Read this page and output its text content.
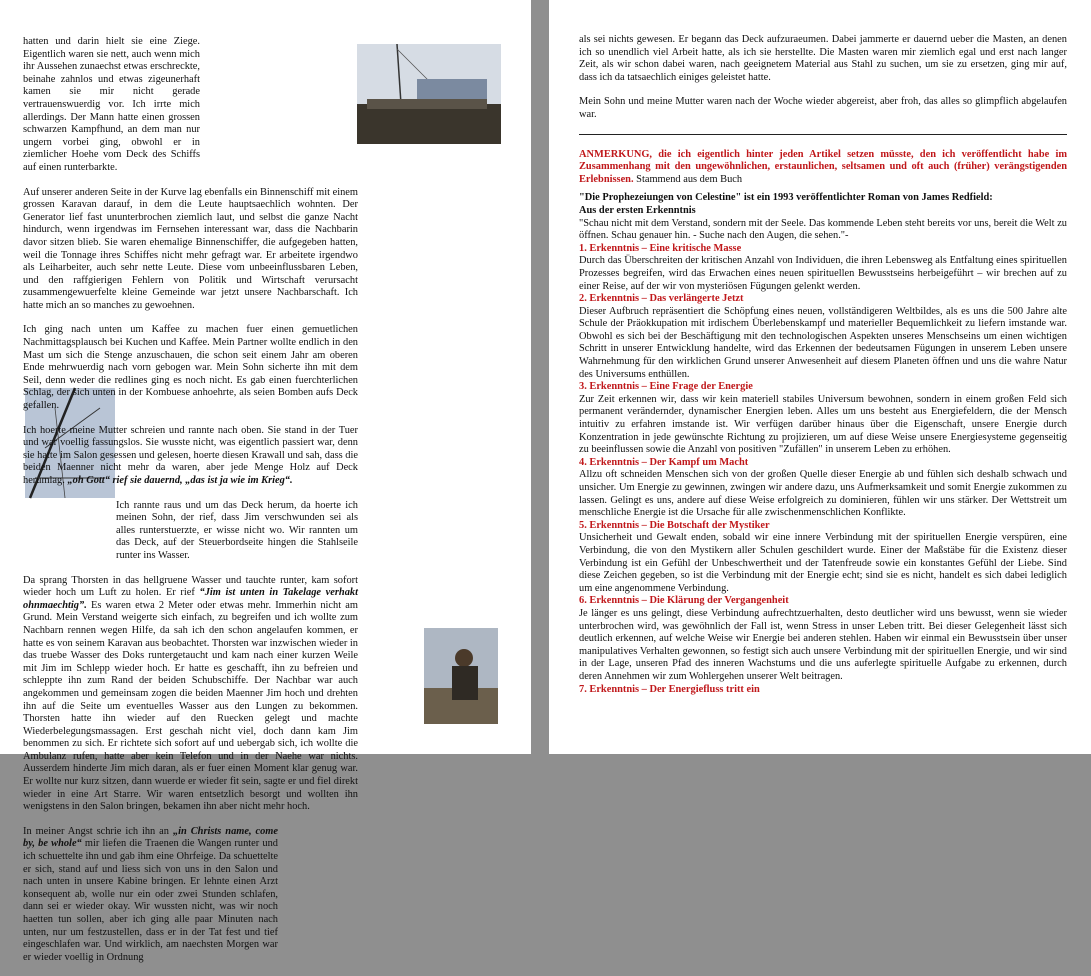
hatten und darin hielt sie eine Ziege. Eigentlich waren sie nett, auch wenn mich ihr Aussehen zunaechst etwas erschreckte, beinahe zahnlos und etwas zigeunerhaft kamen sie mir nicht gerade vertrauenswuerdig vor. Ich irrte mich allerdings. Der Mann hatte einen grossen schwarzen Kampfhund, an dem man nur ungern vorbei ging, obwohl er in ziemlicher Hoehe vom Deck des Schiffs auf einen runterbarkte.

Auf unserer anderen Seite in der Kurve lag ebenfalls ein Binnenschiff mit einem grossen Karavan darauf, in dem die Leute hauptsaechlich wohnten. Der Generator lief fast ununterbrochen ziemlich laut, und selbst die ganze Nacht hindurch, wenn irgendwas im Fernsehen interessant war, dass die Nachbarin davor sitzen blieb. Sie waren ehemalige Binnenschiffer, die aufgegeben hatten, weil die Tonnage ihres Schiffes nicht mehr gefragt war. Er arbeitete irgendwo als Leiharbeiter, auch sehr nette Leute. Diese vom unbeeinflussbaren Leben, und den raffgierigen Fehlern von Politik und Wirtschaft verursacht zusammengewuerfelte kleine Gemeinde war jetzt unsere Nachbarschaft. Ich hatte mich an so manches zu gewoehnen.

Ich ging nach unten um Kaffee zu machen fuer einen gemuetlichen Nachmittagsplausch bei Kuchen und Kaffee. Mein Partner wollte endlich in den Mast um sich die Stenge anzuschauen, die schon seit einem Jahr am oberen Ende mehrwuerdig nach vorn gebogen war. Mein Sohn sicherte ihn mit dem Seil, denn weder die redlines ging es noch nicht. Es gab einen fuerchterlichen Schlag, der sich unten in der Kombuese anhoehrte, als seien Bomben aufs Deck gefallen.

Ich hoerte meine Mutter schreien und rannte nach oben. Sie stand in der Tuer und war voellig fassungslos. Sie wusste nicht, was eigentlich passiert war, denn sie hatte im Salon gesessen und gelesen, hoerte diesen Krawall und sah, dass die beiden Maenner nicht mehr da waren, aber jede Menge Holz auf Deck herumlag. „oh Gott“ rief sie dauernd, „das ist ja wie im Krieg“.

Ich rannte raus und um das Deck herum, da hoerte ich meinen Sohn, der rief, dass Jim verschwunden sei als alles runterstuerzte, er wisse nicht wo. Wir rannten um das Deck, auf der Steuerbordseite hingen die Stahlseile runter ins Wasser.

Da sprang Thorsten in das hellgruene Wasser und tauchte runter, kam sofort wieder hoch um Luft zu holen. Er rief “Jim ist unten in Takelage verhakt ohnmaechtig”. Es waren etwa 2 Meter oder etwas mehr. Immerhin nicht am Grund. Mein Verstand weigerte sich einfach, zu begreifen und ich wollte zum Nachbarn rennen wegen Hilfe, da sah ich den schon angelaufen kommen, er hatte es von seinem Karavan aus beobachtet. Thorsten war inzwischen wieder in das truebe Wasser des Doks runtergetaucht und kam nach einer kurzen Weile mit Jim im Schlepp wieder hoch. Er hatte es geschafft, ihn zu befreien und schleppte ihn zum Rand der beiden Schubschiffe. Der Nachbar war auch angekommen und gemeinsam zogen die beiden Maenner Jim hoch und drehten ihn auf die Seite um eventuelles Wasser aus den Lungen zu bekommen. Thorsten hatte ihn wieder auf den Ruecken gelegt und machte Wiederbelegungsmassagen. Erst geschah nicht viel, doch dann kam Jim benommen zu sich. Er richtete sich sofort auf und uebergab sich, ich wollte die Ambulanz rufen, hatte aber kein Telefon und in der Naehe war nichts. Ausserdem hinderte Jim mich daran, als er fuer einen Moment klar genug war. Er wollte nur kurz sitzen, dann wuerde er wieder fit sein, sagte er und fiel direkt wieder in eine Art Starre. Wir waren entsetzlich besorgt und wollten ihn wenigstens in den Salon bringen, bekamen ihn aber nicht mehr hoch.

In meiner Angst schrie ich ihn an „in Christs name, come by, be whole“ mir liefen die Traenen die Wangen runter und ich schuettelte ihn und gab ihm eine Ohrfeige. Da schuettelte er sich, stand auf und liess sich von uns in den Salon und nach unten in unsere Kabine bringen. Er lehnte einen Arzt konsequent ab, wolle nur ein oder zwei Stunden schlafen, dann sei er wieder okay. Wir wussten nicht, was wir noch haetten tun sollen, aber ich ging alle paar Minuten nach unten, nur um festzustellen, dass er in der Tat fest und tief eingeschlafen war. Und wirklich, am naechsten Morgen war er wieder voellig in Ordnung

als sei nichts gewesen. Er begann das Deck aufzuraeumen. Dabei jammerte er dauernd ueber die Masten, an denen ich so unendlich viel Arbeit hatte, als ich sie herstellte. Die Masten waren mir ziemlich egal und erst nach langer Zeit, als wir schon dabei waren, nach geeignetem Material aus Stahl zu suchen, um sie zu ersetzen, ging mir auf, dass ich da tatsaechlich einiges geleistet hatte.

Mein Sohn und meine Mutter waren nach der Woche wieder abgereist, aber froh, das alles so glimpflich abgelaufen war.

ANMERKUNG, die ich eigentlich hinter jeden Artikel setzen müsste, den ich veröffentlicht habe im Zusammenhang mit den ungewöhnlichen, erstaunlichen, seltsamen und oft auch (früher) verängstigenden Erlebnissen. Stammend aus dem Buch

"Die Prophezeiungen von Celestine" ist ein 1993 veröffentlichter Roman von James Redfield:

Aus der ersten Erkenntnis

"Schau nicht mit dem Verstand, sondern mit der Seele. Das kommende Leben steht bereits vor uns, bereit die Welt zu öffnen. Schau genauer hin. - Suche nach den Augen, die sehen."-

1. Erkenntnis – Eine kritische Masse

Durch das Überschreiten der kritischen Anzahl von Individuen, die ihren Lebensweg als Entfaltung eines spirituellen Prozesses begreifen, wird das Erwachen eines neuen spirituellen Bewusstseins herbeigeführt – wir brechen auf zu einer Reise, auf der wir von mysteriösen Fügungen gelenkt werden.

2. Erkenntnis – Das verlängerte Jetzt

Dieser Aufbruch repräsentiert die Schöpfung eines neuen, vollständigeren Weltbildes, als es uns die 500 Jahre alte Schule der Präokkupation mit irdischem Überlebenskampf und materieller Bequemlichkeit zu liefern imstande war. Obwohl es sich bei der Beschäftigung mit den technologischen Aspekten unseres Menschseins um einen wichtigen Schritt in unserer Entwicklung handelte, wird das Erkennen der bedeutsamen Fügungen in unserem Leben unsere Wahrnehmung für den wirklichen Grund unserer Anwesenheit auf diesem Planeten öffnen und uns die wahre Natur des Universums enthüllen.

3. Erkenntnis – Eine Frage der Energie

Zur Zeit erkennen wir, dass wir kein materiell stabiles Universum bewohnen, sondern in einem großen Feld sich permanent verändernder, dynamischer Energien leben. Alles um uns besteht aus Energiefeldern, die der Mensch intuitiv zu erfahren imstande ist. Wir verfügen darüber hinaus über die Eigenschaft, unsere Energie durch Konzentration in jede gewünschte Richtung zu projizieren, um auf diese Weise unsere Energiesysteme gegenseitig zu beeinflussen sowie die Anzahl von positiven "Zufällen" in unserem Leben zu erhöhen.

4. Erkenntnis – Der Kampf um Macht

Allzu oft schneiden Menschen sich von der großen Quelle dieser Energie ab und fühlen sich deshalb schwach und unsicher. Um Energie zu gewinnen, zwingen wir andere dazu, uns Aufmerksamkeit und somit Energie zukommen zu lassen. Gelingt es uns, andere auf diese Weise erfolgreich zu dominieren, fühlen wir uns stärker. Der Wettstreit um menschliche Energie ist die Ursache für alle zwischenmenschlichen Konflikte.

5. Erkenntnis – Die Botschaft der Mystiker

Unsicherheit und Gewalt enden, sobald wir eine innere Verbindung mit der spirituellen Energie verspüren, eine Verbindung, die von den Mystikern aller Schulen geschildert wurde. Einer der Maßstäbe für die Existenz dieser Verbindung ist ein Gefühl der Unbeschwertheit und der Tatenfreude sowie ein konstantes Gefühl der Liebe. Sind diese Zeichen gegeben, so ist die Verbindung mit der Energie echt; sind sie es nicht, handelt es sich dabei lediglich um eine angenommene Verbindung.

6. Erkenntnis – Die Klärung der Vergangenheit

Je länger es uns gelingt, diese Verbindung aufrechtzuerhalten, desto deutlicher wird uns bewusst, wenn sie wieder unterbrochen wird, was gewöhnlich der Fall ist, wenn Stress in unser Leben tritt. Bei dieser Gelegenheit lässt sich deutlich erkennen, auf welche Weise wir Energie bei anderen stehlen. Haben wir einmal ein Bewusstsein über unser manipulatives Verhalten gewonnen, so festigt sich auch unsere Verbindung mit der spirituellen Energie, und wir sind in der Lage, unseren Pfad des inneren Wachstums und die uns auferlegte spirituelle Aufgabe zu erkennen, durch deren Annehmen wir zum Wohlergehen unserer Welt beitragen.

7. Erkenntnis – Der Energiefluss tritt ein
